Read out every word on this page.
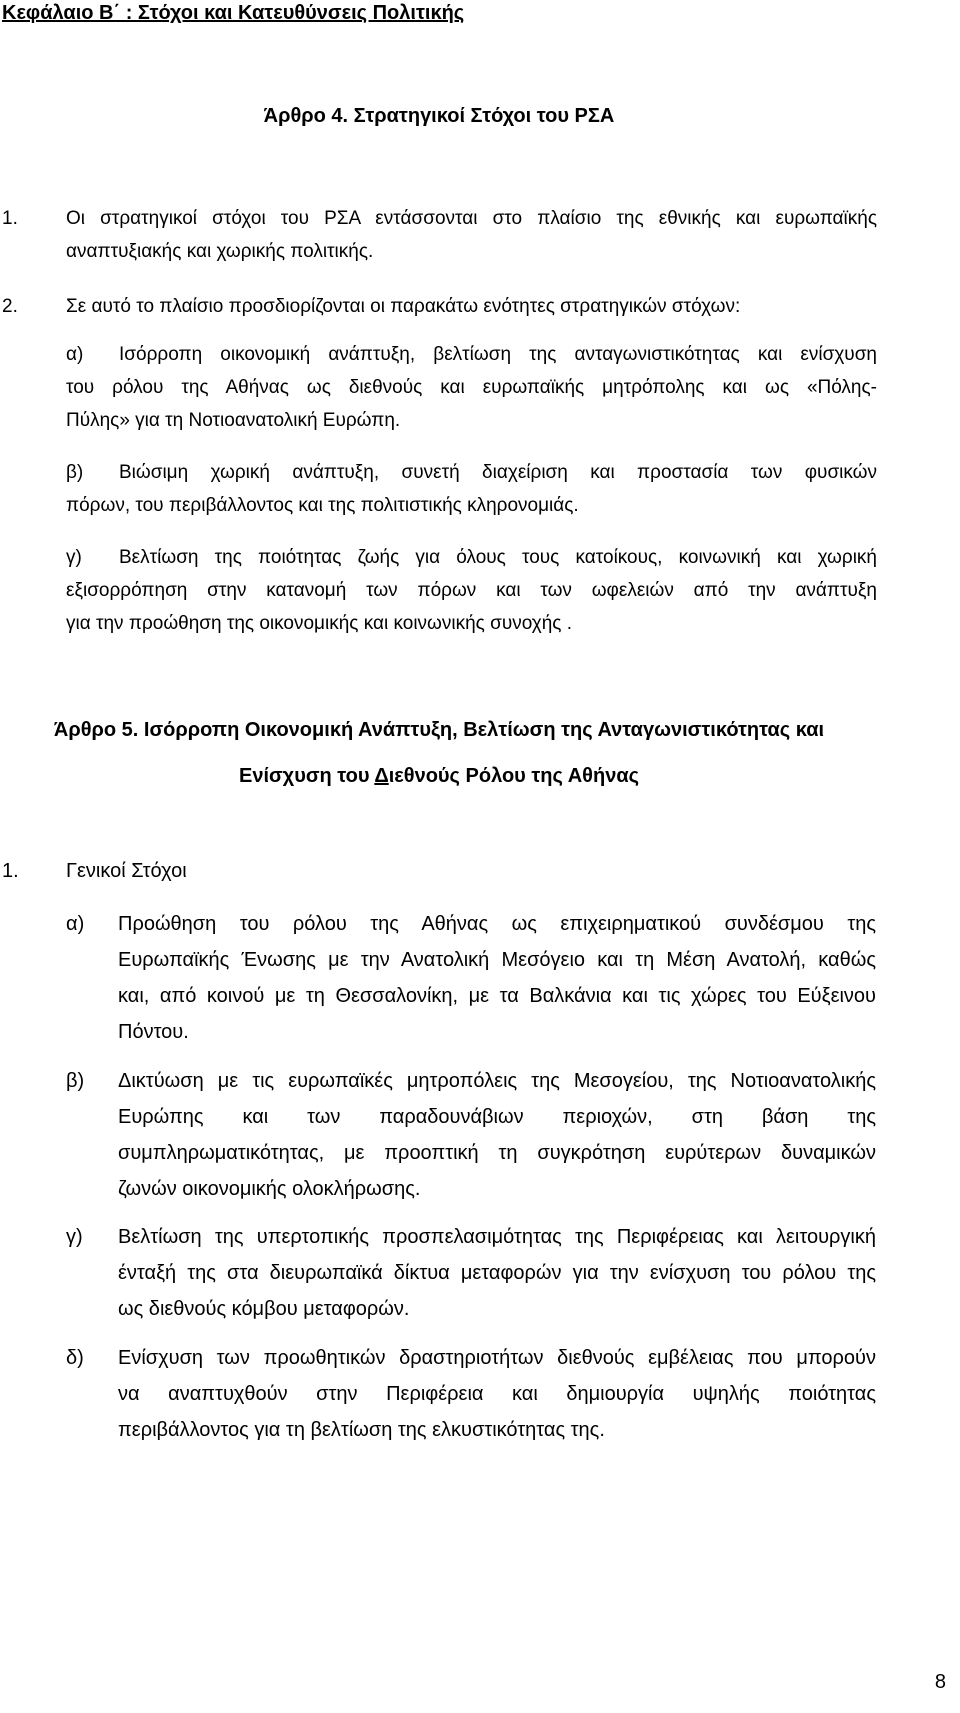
Κεφάλαιο Β΄ : Στόχοι και Κατευθύνσεις Πολιτικής
Άρθρο 4. Στρατηγικοί Στόχοι του ΡΣΑ
1.	Οι στρατηγικοί στόχοι του ΡΣΑ εντάσσονται στο πλαίσιο της εθνικής και ευρωπαϊκής
αναπτυξιακής και χωρικής πολιτικής.
2.	Σε αυτό το πλαίσιο προσδιορίζονται οι παρακάτω ενότητες στρατηγικών στόχων:
α) Ισόρροπη οικονομική ανάπτυξη, βελτίωση της ανταγωνιστικότητας και ενίσχυση
του ρόλου της Αθήνας ως διεθνούς και ευρωπαϊκής μητρόπολης και ως «Πόλης-
Πύλης» για τη Νοτιοανατολική Ευρώπη.
β) Βιώσιμη χωρική ανάπτυξη, συνετή διαχείριση και προστασία των φυσικών
πόρων, του περιβάλλοντος και της πολιτιστικής κληρονομιάς.
γ) Βελτίωση της ποιότητας ζωής για όλους τους κατοίκους, κοινωνική και χωρική
εξισορρόπηση στην κατανομή των πόρων και των ωφελειών από την ανάπτυξη
για την προώθηση της οικονομικής και κοινωνικής συνοχής .
Άρθρο 5. Ισόρροπη Οικονομική Ανάπτυξη, Βελτίωση της Ανταγωνιστικότητας και
Ενίσχυση του Διεθνούς Ρόλου της Αθήνας
1. Γενικοί Στόχοι
α) Προώθηση του ρόλου της Αθήνας ως επιχειρηματικού συνδέσμου της
Ευρωπαϊκής Ένωσης με την Ανατολική Μεσόγειο και τη Μέση Ανατολή, καθώς
και, από κοινού με τη Θεσσαλονίκη, με τα Βαλκάνια και τις χώρες του Εύξεινου
Πόντου.
β) Δικτύωση με τις ευρωπαϊκές μητροπόλεις της Μεσογείου, της Νοτιοανατολικής
Ευρώπης και των παραδουνάβιων περιοχών, στη βάση της
συμπληρωματικότητας, με προοπτική τη συγκρότηση ευρύτερων δυναμικών
ζωνών οικονομικής ολοκλήρωσης.
γ) Βελτίωση της υπερτοπικής προσπελασιμότητας της Περιφέρειας και λειτουργική
ένταξή της στα διευρωπαϊκά δίκτυα μεταφορών για την ενίσχυση του ρόλου της
ως διεθνούς κόμβου μεταφορών.
δ) Ενίσχυση των προωθητικών δραστηριοτήτων διεθνούς εμβέλειας που μπορούν
να αναπτυχθούν στην Περιφέρεια και δημιουργία υψηλής ποιότητας
περιβάλλοντος για τη βελτίωση της ελκυστικότητας της.
8
